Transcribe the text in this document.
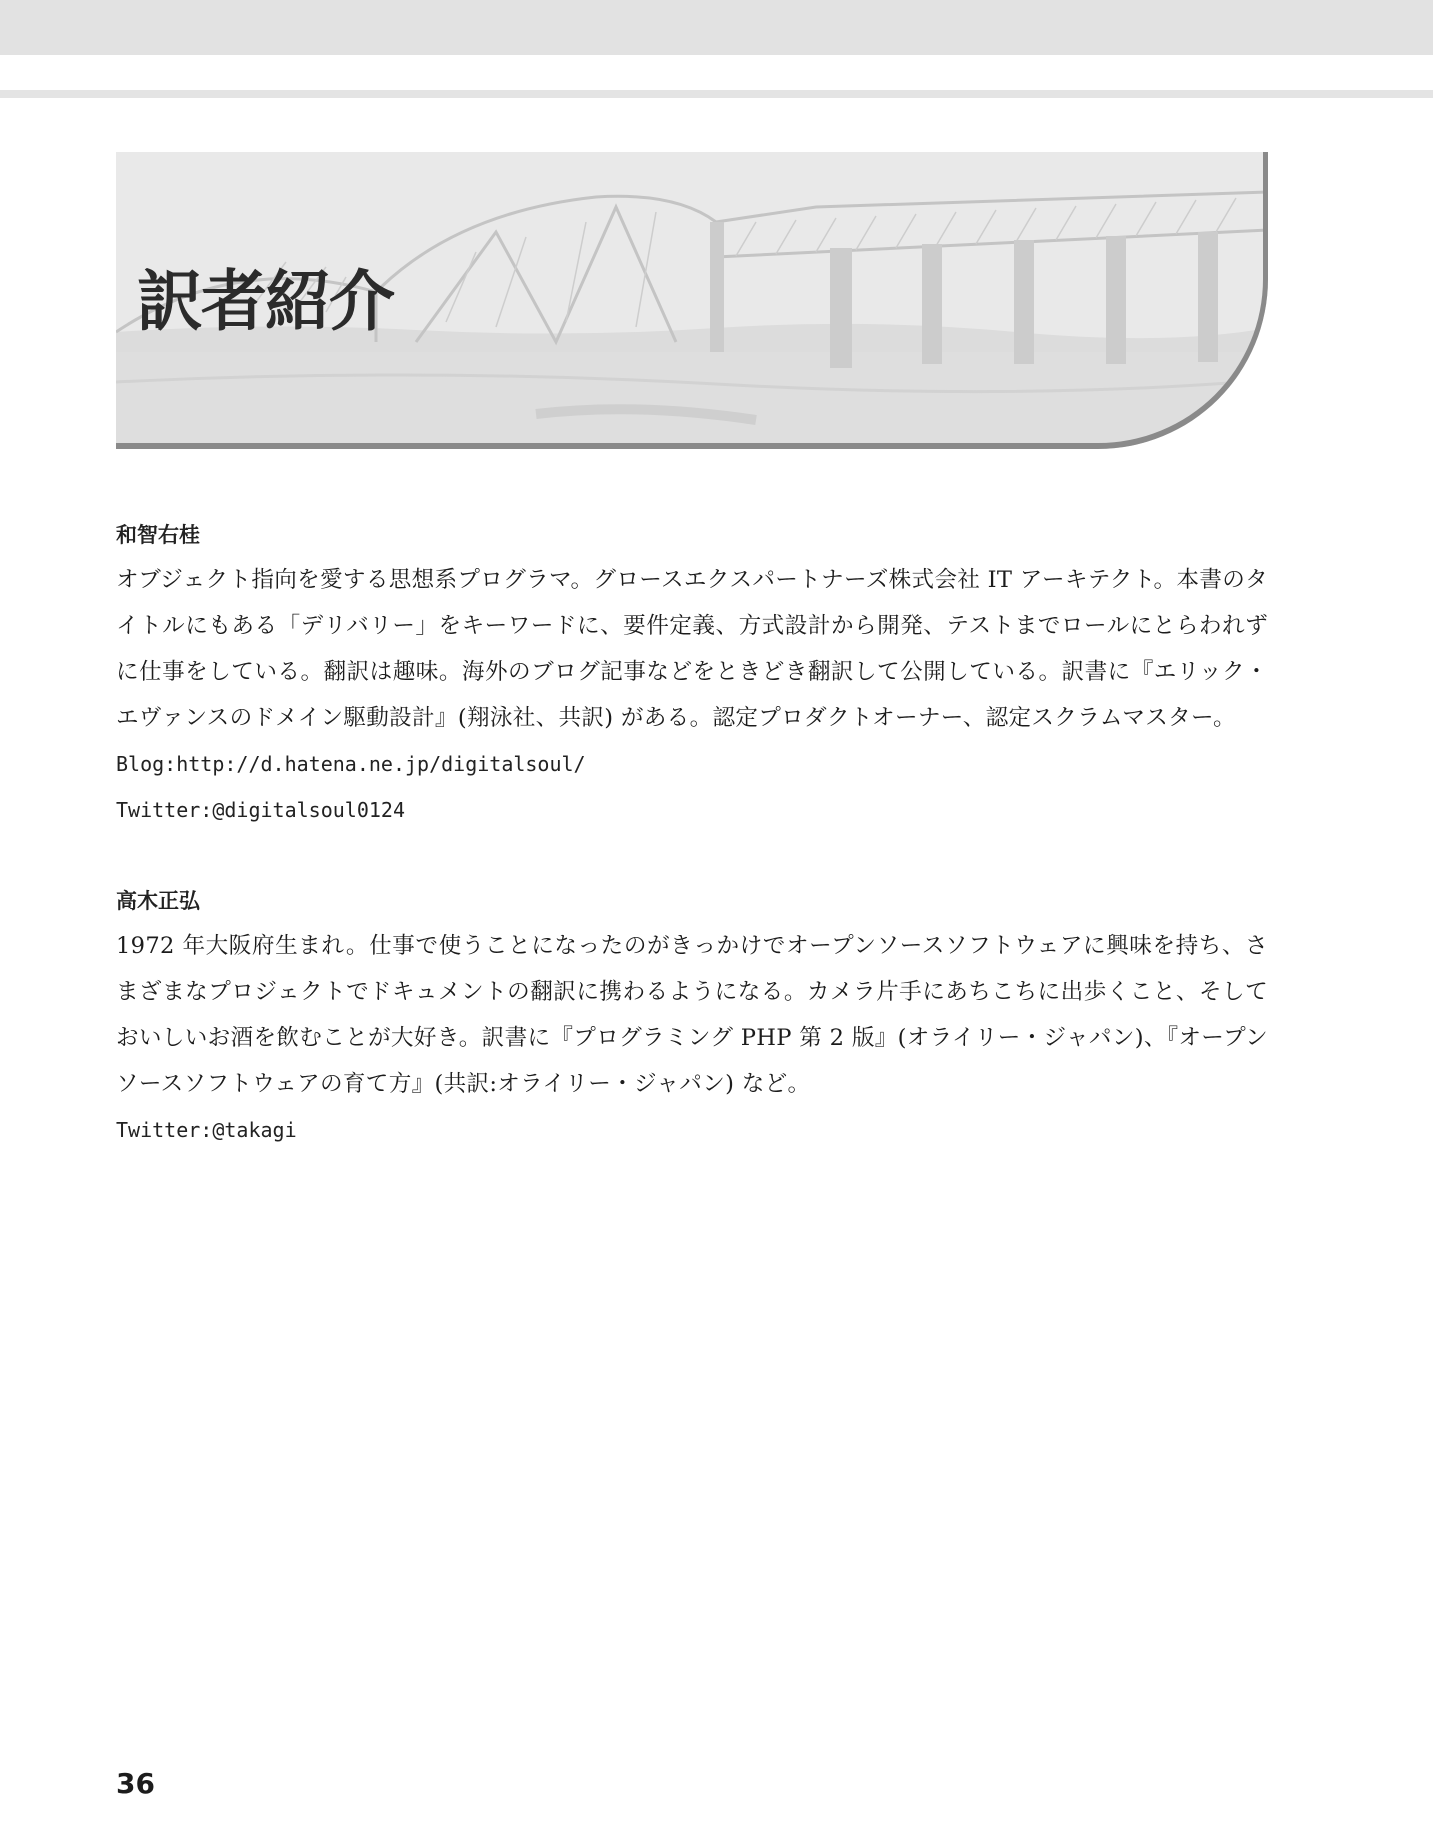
訳者紹介
和智右桂

オブジェクト指向を愛する思想系プログラマ。グロースエクスパートナーズ株式会社 IT アーキテクト。本書のタイトルにもある「デリバリー」をキーワードに、要件定義、方式設計から開発、テストまでロールにとらわれずに仕事をしている。翻訳は趣味。海外のブログ記事などをときどき翻訳して公開している。訳書に『エリック・エヴァンスのドメイン駆動設計』(翔泳社、共訳) がある。認定プロダクトオーナー、認定スクラムマスター。

Blog:http://d.hatena.ne.jp/digitalsoul/

Twitter:@digitalsoul0124

高木正弘

1972 年大阪府生まれ。仕事で使うことになったのがきっかけでオープンソースソフトウェアに興味を持ち、さまざまなプロジェクトでドキュメントの翻訳に携わるようになる。カメラ片手にあちこちに出歩くこと、そしておいしいお酒を飲むことが大好き。訳書に『プログラミング PHP 第 2 版』(オライリー・ジャパン)、『オープンソースソフトウェアの育て方』(共訳:オライリー・ジャパン) など。

Twitter:@takagi

36
